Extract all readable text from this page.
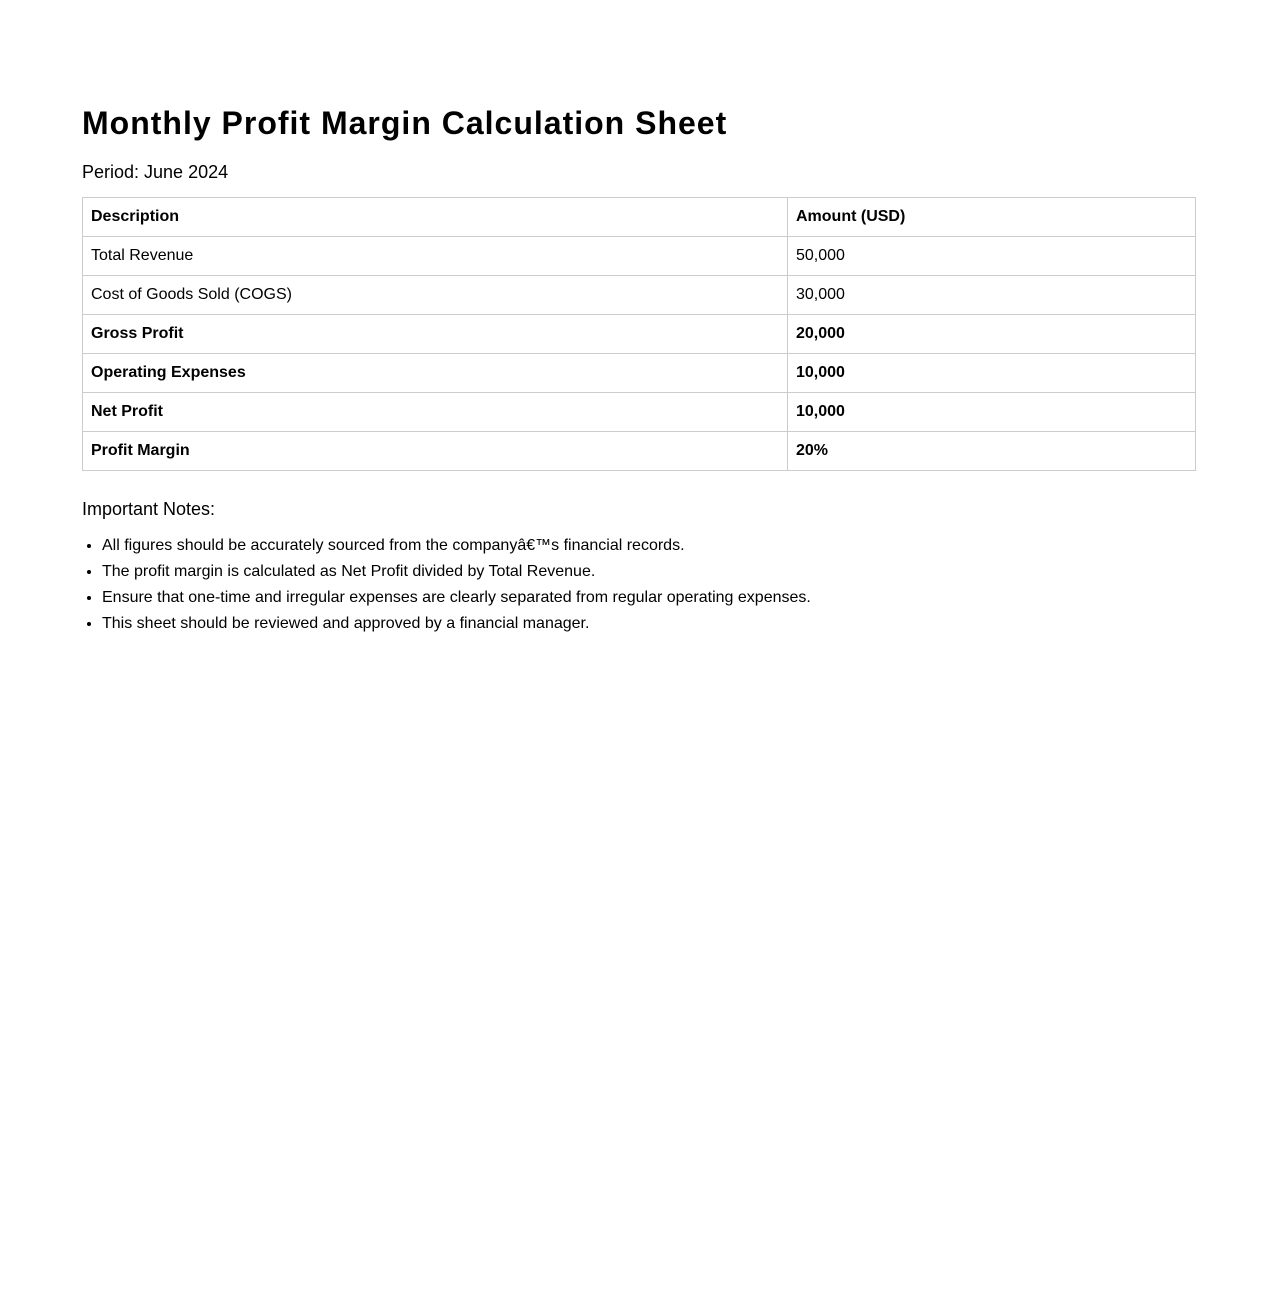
Monthly Profit Margin Calculation Sheet
Period: June 2024
Description	Amount (USD)
Total Revenue	50,000
Cost of Goods Sold (COGS)	30,000
Gross Profit	20,000
Operating Expenses	10,000
Net Profit	10,000
Profit Margin	20%
Important Notes:
• All figures should be accurately sourced from the companyâ€™s financial records.
• The profit margin is calculated as Net Profit divided by Total Revenue.
• Ensure that one-time and irregular expenses are clearly separated from regular operating expenses.
• This sheet should be reviewed and approved by a financial manager.
